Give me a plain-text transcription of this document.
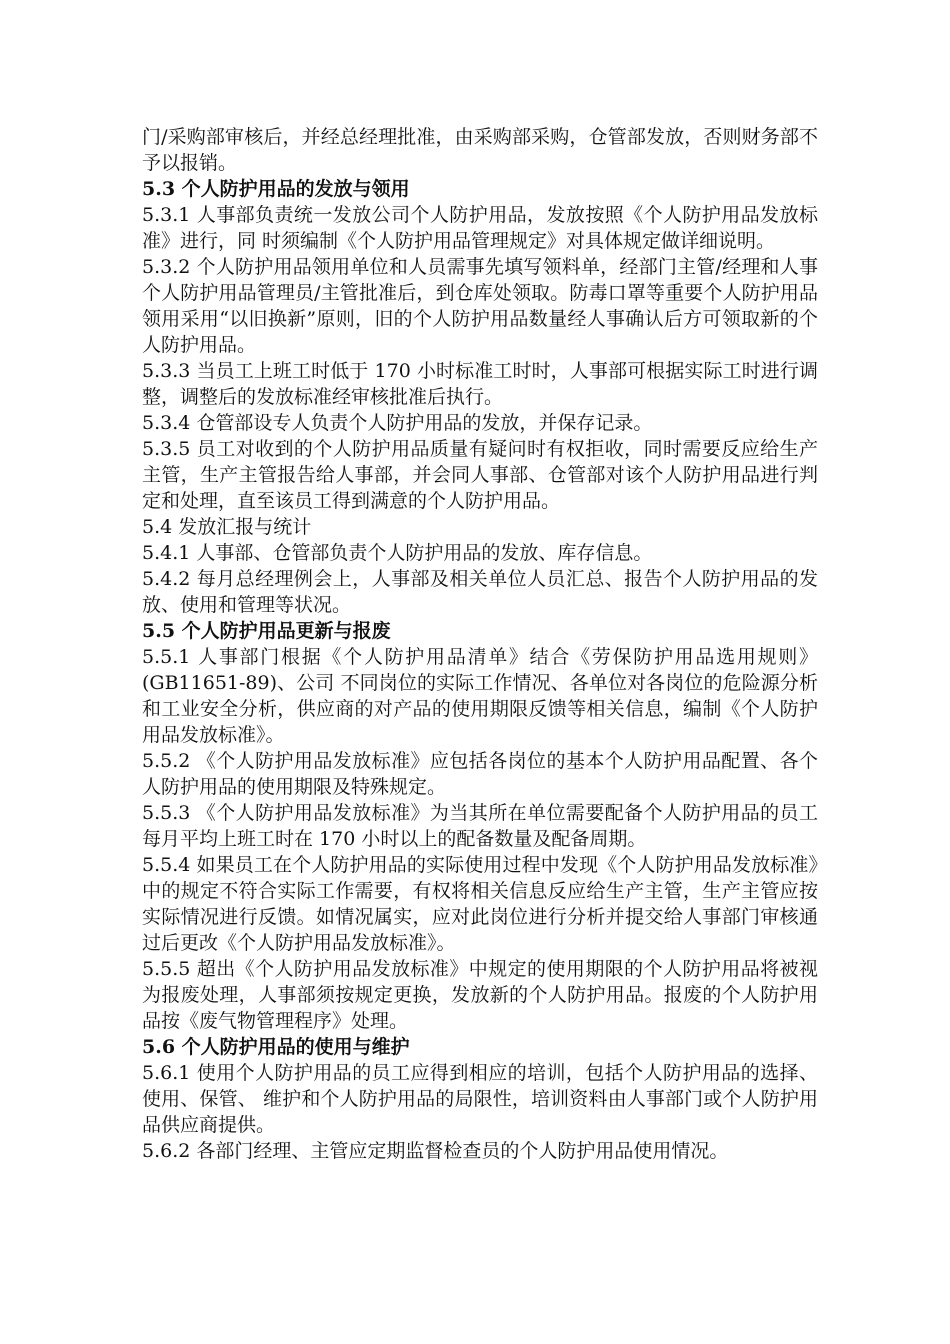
门/采购部审核后，并经总经理批准，由采购部采购，仓管部发放，否则财务部不予以报销。

5.3 个人防护用品的发放与领用

5.3.1 人事部负责统一发放公司个人防护用品，发放按照《个人防护用品发放标准》进行，同 时须编制《个人防护用品管理规定》对具体规定做详细说明。

5.3.2 个人防护用品领用单位和人员需事先填写领料单，经部门主管/经理和人事个人防护用品管理员/主管批准后，到仓库处领取。防毒口罩等重要个人防护用品领用采用“以旧换新”原则，旧的个人防护用品数量经人事确认后方可领取新的个人防护用品。

5.3.3 当员工上班工时低于 170 小时标准工时时，人事部可根据实际工时进行调整，调整后的发放标准经审核批准后执行。

5.3.4 仓管部设专人负责个人防护用品的发放，并保存记录。

5.3.5 员工对收到的个人防护用品质量有疑问时有权拒收，同时需要反应给生产主管，生产主管报告给人事部，并会同人事部、仓管部对该个人防护用品进行判定和处理，直至该员工得到满意的个人防护用品。

5.4 发放汇报与统计

5.4.1 人事部、仓管部负责个人防护用品的发放、库存信息。

5.4.2 每月总经理例会上，人事部及相关单位人员汇总、报告个人防护用品的发放、使用和管理等状况。

5.5 个人防护用品更新与报废

5.5.1 人事部门根据《个人防护用品清单》结合《劳保防护用品选用规则》(GB11651-89)、公司 不同岗位的实际工作情况、各单位对各岗位的危险源分析和工业安全分析，供应商的对产品的使用期限反馈等相关信息，编制《个人防护用品发放标准》。

5.5.2 《个人防护用品发放标准》应包括各岗位的基本个人防护用品配置、各个人防护用品的使用期限及特殊规定。

5.5.3 《个人防护用品发放标准》为当其所在单位需要配备个人防护用品的员工每月平均上班工时在 170 小时以上的配备数量及配备周期。

5.5.4 如果员工在个人防护用品的实际使用过程中发现《个人防护用品发放标准》中的规定不符合实际工作需要，有权将相关信息反应给生产主管，生产主管应按实际情况进行反馈。如情况属实，应对此岗位进行分析并提交给人事部门审核通过后更改《个人防护用品发放标准》。

5.5.5 超出《个人防护用品发放标准》中规定的使用期限的个人防护用品将被视为报废处理，人事部须按规定更换，发放新的个人防护用品。报废的个人防护用品按《废气物管理程序》处理。

5.6 个人防护用品的使用与维护

5.6.1 使用个人防护用品的员工应得到相应的培训，包括个人防护用品的选择、使用、保管、 维护和个人防护用品的局限性，培训资料由人事部门或个人防护用品供应商提供。

5.6.2 各部门经理、主管应定期监督检查员的个人防护用品使用情况。
